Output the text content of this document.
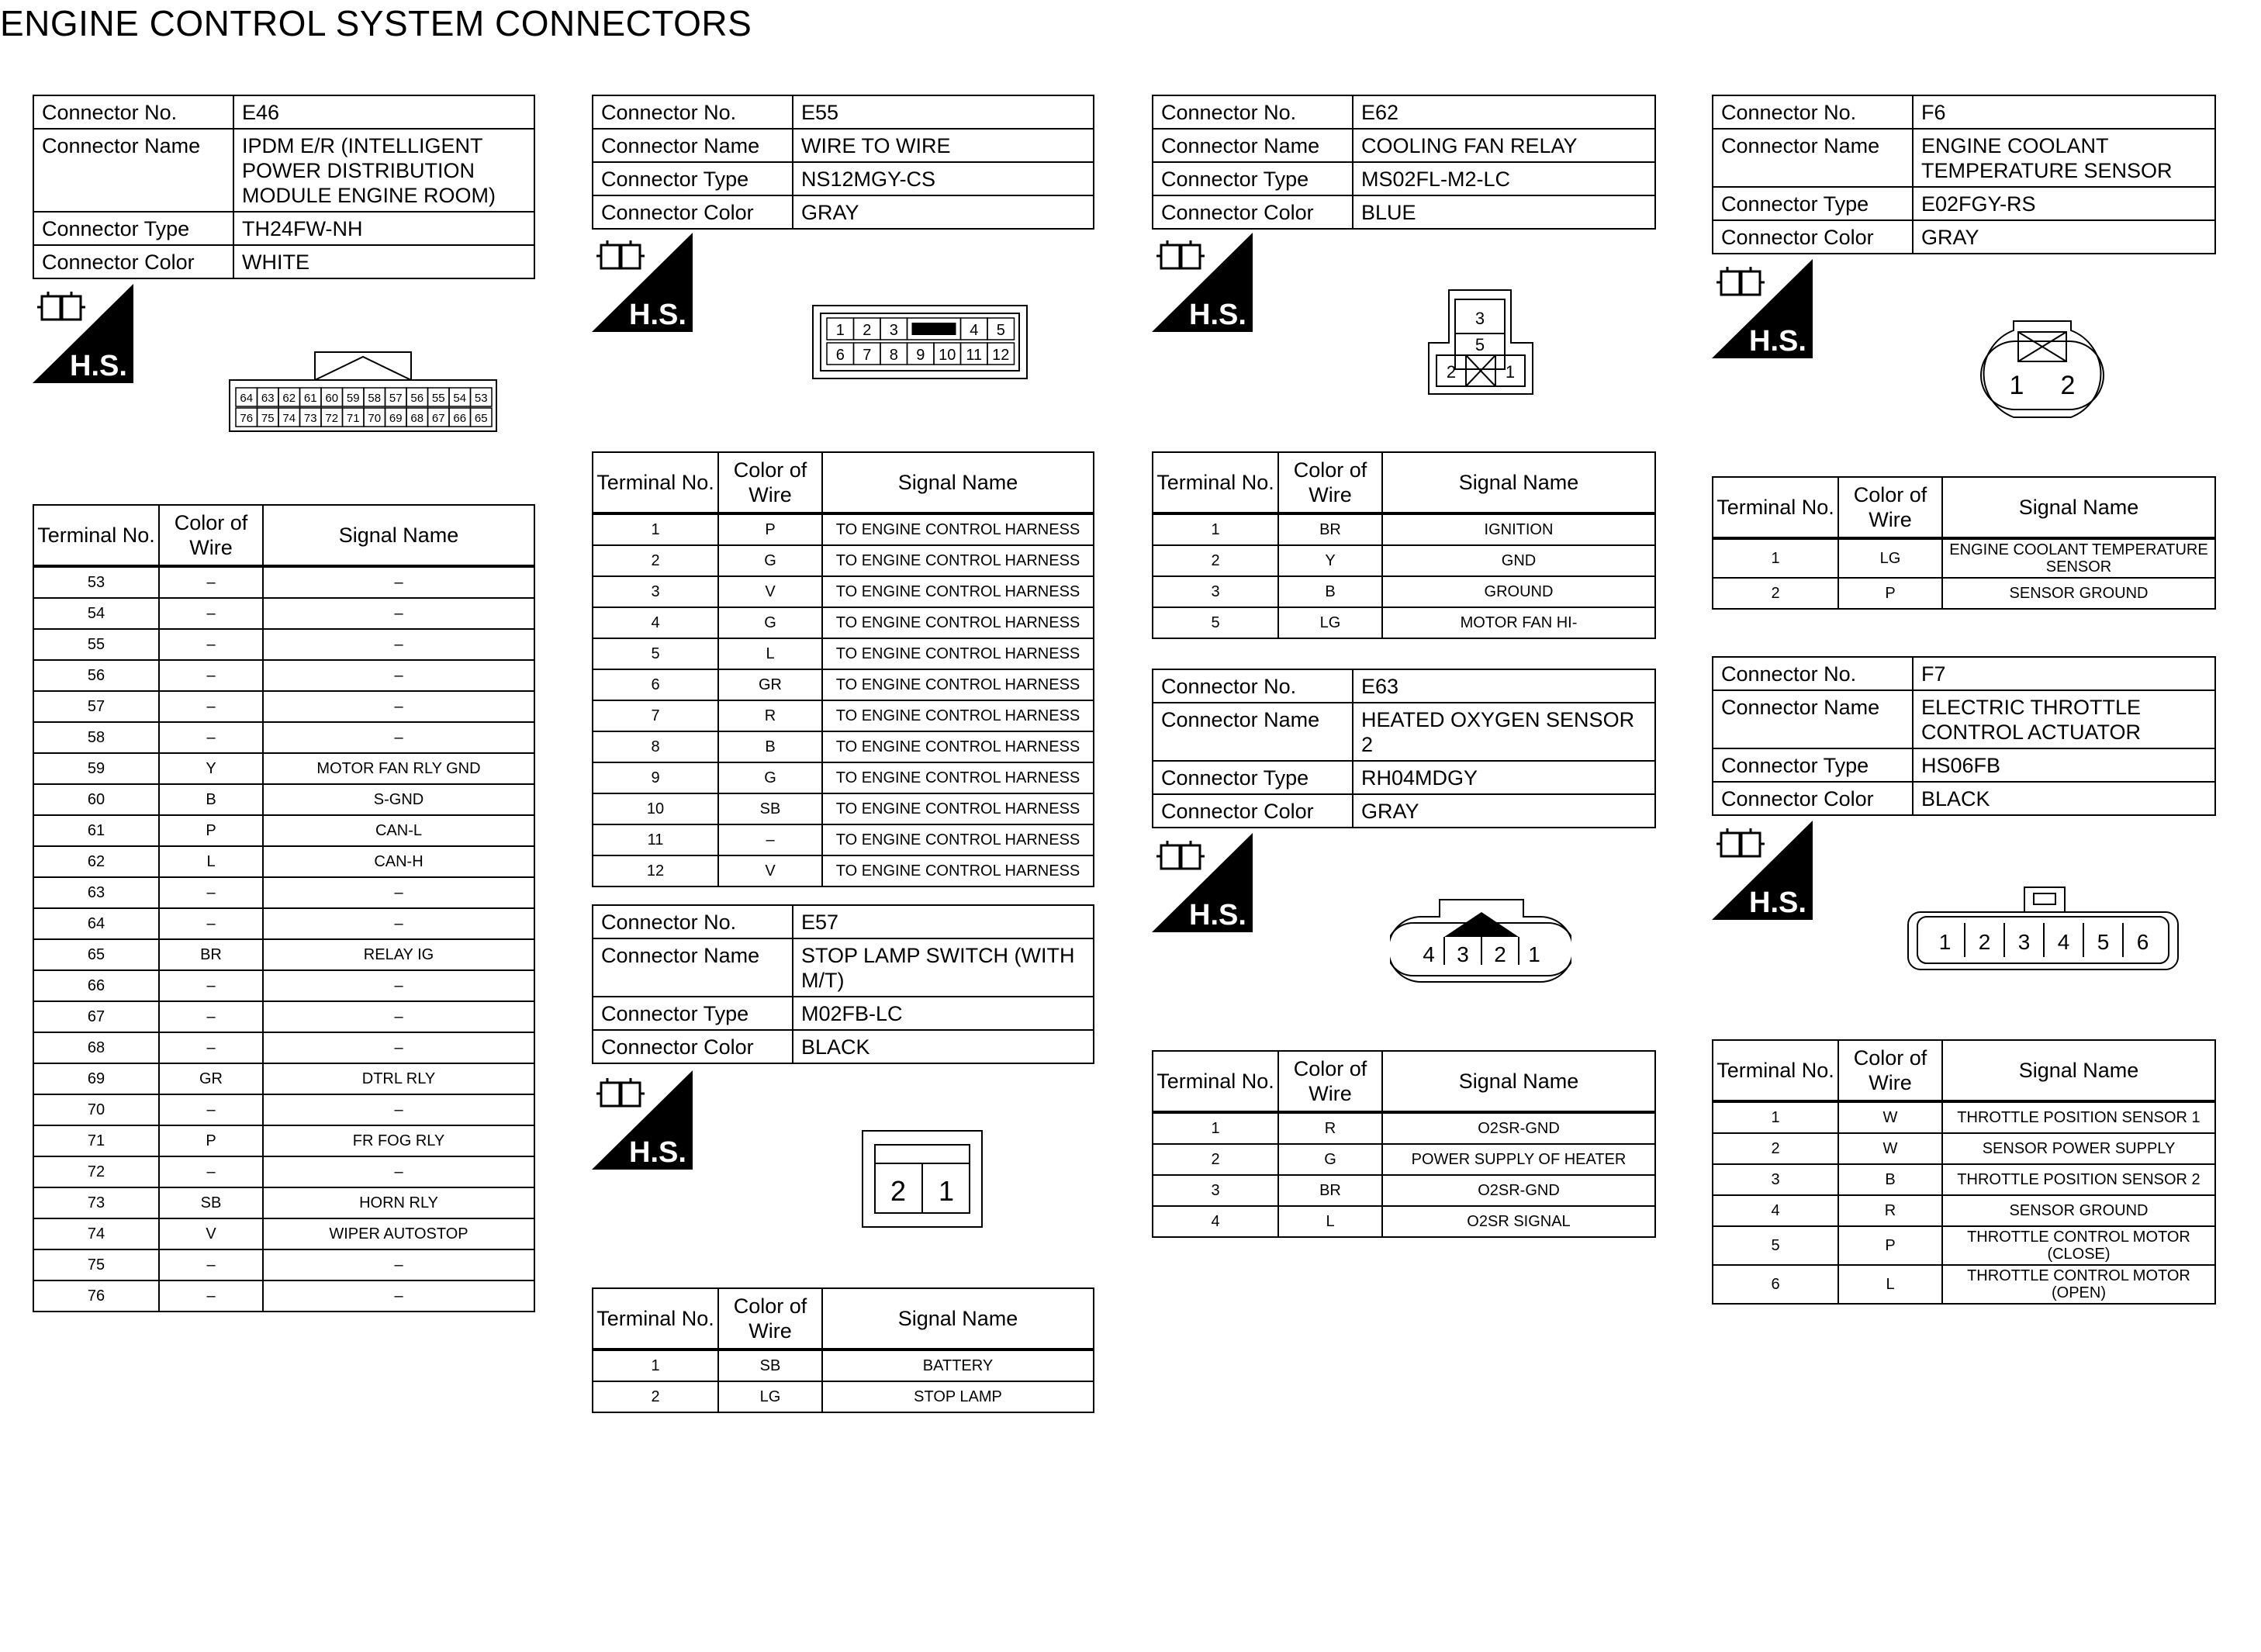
ENGINE CONTROL SYSTEM CONNECTORS
Connector No.	E46
Connector Name	IPDM E/R (INTELLIGENT POWER DISTRIBUTION MODULE ENGINE ROOM)
Connector Type	TH24FW-NH
Connector Color	WHITE
H.S.
64 63 62 61 60 59 58 57 56 55 54 53
76 75 74 73 72 71 70 69 68 67 66 65
Terminal No.	Color of Wire	Signal Name
53	–	–
54	–	–
55	–	–
56	–	–
57	–	–
58	–	–
59	Y	MOTOR FAN RLY GND
60	B	S-GND
61	P	CAN-L
62	L	CAN-H
63	–	–
64	–	–
65	BR	RELAY IG
66	–	–
67	–	–
68	–	–
69	GR	DTRL RLY
70	–	–
71	P	FR FOG RLY
72	–	–
73	SB	HORN RLY
74	V	WIPER AUTOSTOP
75	–	–
76	–	–
Connector No.	E55
Connector Name	WIRE TO WIRE
Connector Type	NS12MGY-CS
Connector Color	GRAY
H.S.	1 2 3	4 5
6 7 8 9 10 11 12
Terminal No.	Color of Wire	Signal Name
1	P	TO ENGINE CONTROL HARNESS
2	G	TO ENGINE CONTROL HARNESS
3	V	TO ENGINE CONTROL HARNESS
4	G	TO ENGINE CONTROL HARNESS
5	L	TO ENGINE CONTROL HARNESS
6	GR	TO ENGINE CONTROL HARNESS
7	R	TO ENGINE CONTROL HARNESS
8	B	TO ENGINE CONTROL HARNESS
9	G	TO ENGINE CONTROL HARNESS
10	SB	TO ENGINE CONTROL HARNESS
11	–	TO ENGINE CONTROL HARNESS
12	V	TO ENGINE CONTROL HARNESS
Connector No.	E57
Connector Name	STOP LAMP SWITCH (WITH M/T)
Connector Type	M02FB-LC
Connector Color	BLACK
H.S.
2 1
Terminal No.	Color of Wire	Signal Name
1	SB	BATTERY
2	LG	STOP LAMP
Connector No.	E62
Connector Name	COOLING FAN RELAY
Connector Type	MS02FL-M2-LC
Connector Color	BLUE
H.S.	3
5
2	1
Terminal No.	Color of Wire	Signal Name
1	BR	IGNITION
2	Y	GND
3	B	GROUND
5	LG	MOTOR FAN HI-
Connector No.	E63
Connector Name	HEATED OXYGEN SENSOR 2
Connector Type	RH04MDGY
Connector Color	GRAY
H.S.
4 3 2 1
Terminal No.	Color of Wire	Signal Name
1	R	O2SR-GND
2	G	POWER SUPPLY OF HEATER
3	BR	O2SR-GND
4	L	O2SR SIGNAL
Connector No.	F6
Connector Name	ENGINE COOLANT TEMPERATURE SENSOR
Connector Type	E02FGY-RS
Connector Color	GRAY
H.S.
1 2
Terminal No.	Color of Wire	Signal Name
1	LG	ENGINE COOLANT TEMPERATURE SENSOR
2	P	SENSOR GROUND
Connector No.	F7
Connector Name	ELECTRIC THROTTLE CONTROL ACTUATOR
Connector Type	HS06FB
Connector Color	BLACK
H.S.
1 2 3 4 5 6
Terminal No.	Color of Wire	Signal Name
1	W	THROTTLE POSITION SENSOR 1
2	W	SENSOR POWER SUPPLY
3	B	THROTTLE POSITION SENSOR 2
4	R	SENSOR GROUND
5	P	THROTTLE CONTROL MOTOR (CLOSE)
6	L	THROTTLE CONTROL MOTOR (OPEN)
